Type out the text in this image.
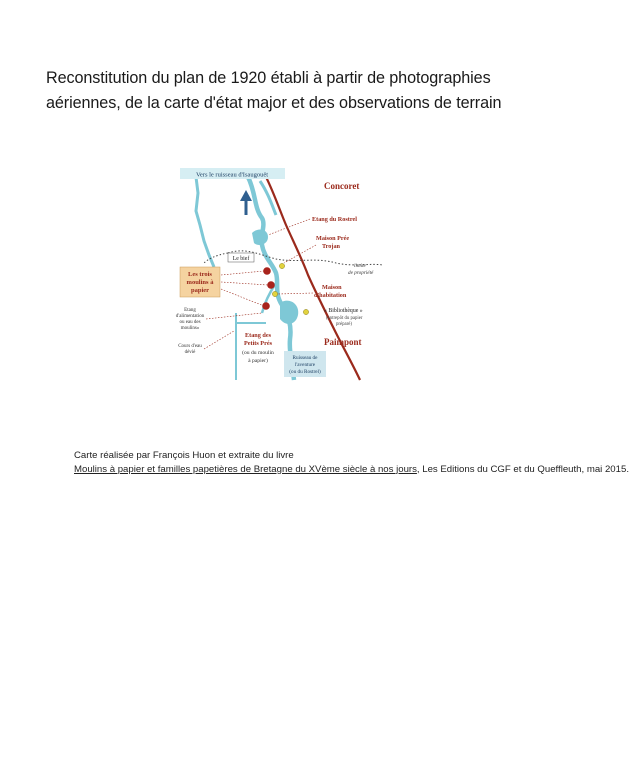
Reconstitution du plan de 1920 établi à partir de photographies
aériennes, de la carte d'état major et des observations de terrain
Vers le ruisseau d'Isaugouët
Concoret
Paimpont
Etang du Rostrel
Maison Prée
Trojan
Le bief
limite
de propriété
Les trois
moulins à
papier	Maison
d'habitation
« Bibliothèque »
(entrepôt du papier
préparé)
Etang
d'alimentation
ou eau des
moulins»
Cours d'eau
dévié
Etang des
Petits Prés
(ou du moulin
à papier)	Ruisseau de
l'aventure
(ou du Rostrel)

Carte réalisée par François Huon et extraite du livre Moulins à papier et familles papetières de Bretagne du XVème siècle à nos jours, Les Editions du CGF et du Queffleuth, mai 2015.
